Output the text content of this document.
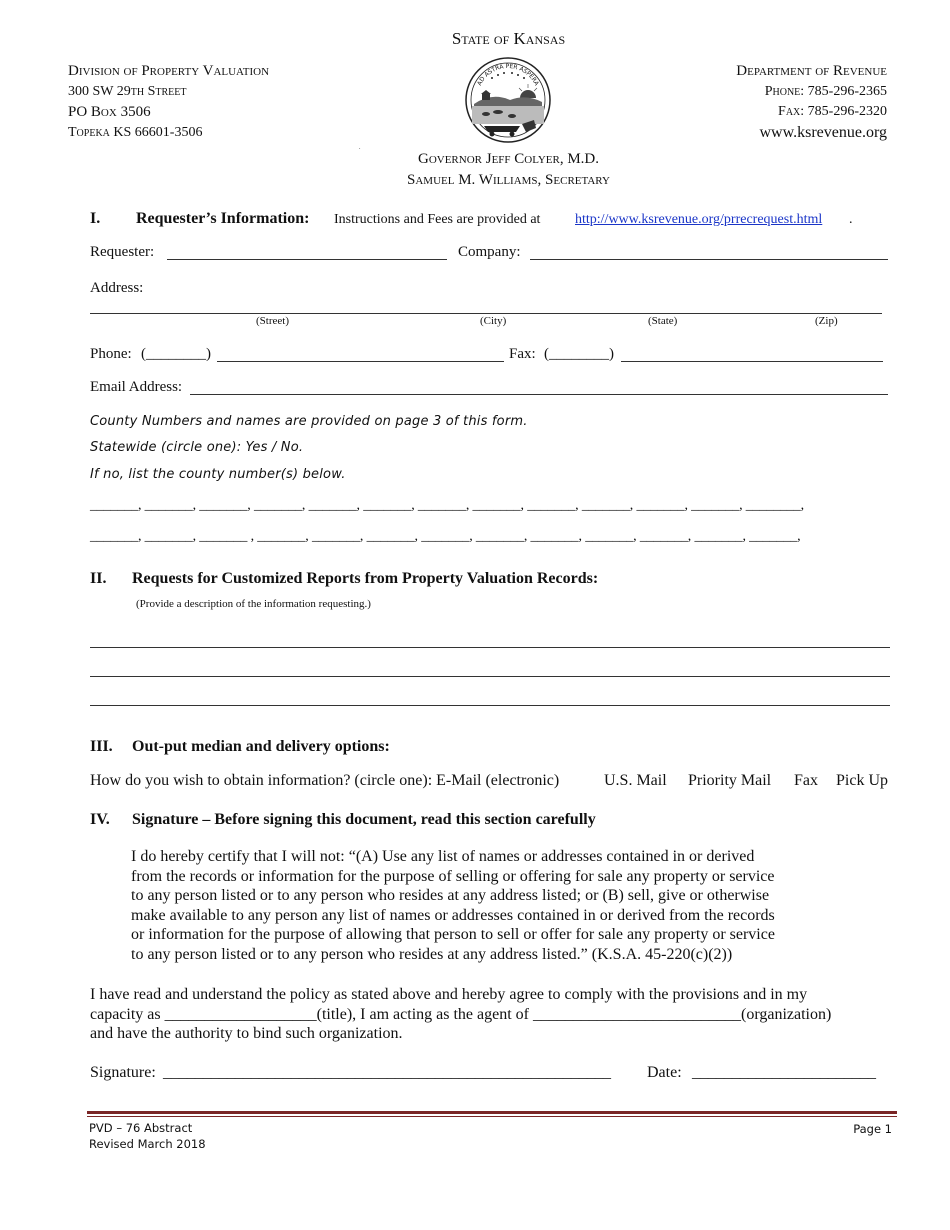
State of Kansas
Division of Property Valuation
300 SW 29th Street
PO Box 3506
Topeka KS 66601-3506
Department of Revenue
Phone: 785-296-2365
Fax: 785-296-2320
www.ksrevenue.org
AD ASTRA PER ASPERA
.
Governor Jeff Colyer, M.D.
Samuel M. Williams, Secretary
I. Requester’s Information: Instructions and Fees are provided at http://www.ksrevenue.org/prrecrequest.html .
Requester:	Company:
Address:
(Street)	(City)	(State)	(Zip)
Phone: (________)	Fax: (________)
Email Address:
County Numbers and names are provided on page 3 of this form.
Statewide (circle one): Yes / No.
If no, list the county number(s) below.
_______, _______, _______, _______, _______, _______, _______, _______, _______, _______, _______, _______, ________,
_______, _______, _______ , _______, _______, _______, _______, _______, _______, _______, _______, _______, _______,
II. Requests for Customized Reports from Property Valuation Records:
(Provide a description of the information requesting.)
III. Out-put median and delivery options:
How do you wish to obtain information? (circle one): E-Mail (electronic)	U.S. Mail Priority Mail Fax Pick Up
IV. Signature – Before signing this document, read this section carefully
I do hereby certify that I will not: “(A) Use any list of names or addresses contained in or derived
from the records or information for the purpose of selling or offering for sale any property or service
to any person listed or to any person who resides at any address listed; or (B) sell, give or otherwise
make available to any person any list of names or addresses contained in or derived from the records
or information for the purpose of allowing that person to sell or offer for sale any property or service
to any person listed or to any person who resides at any address listed.” (K.S.A. 45-220(c)(2))
I have read and understand the policy as stated above and hereby agree to comply with the provisions and in my
capacity as ___________________(title), I am acting as the agent of __________________________(organization)
and have the authority to bind such organization.
Signature: ________________________________________________________ Date: _______________________
PVD – 76 Abstract
Revised March 2018
Page 1
